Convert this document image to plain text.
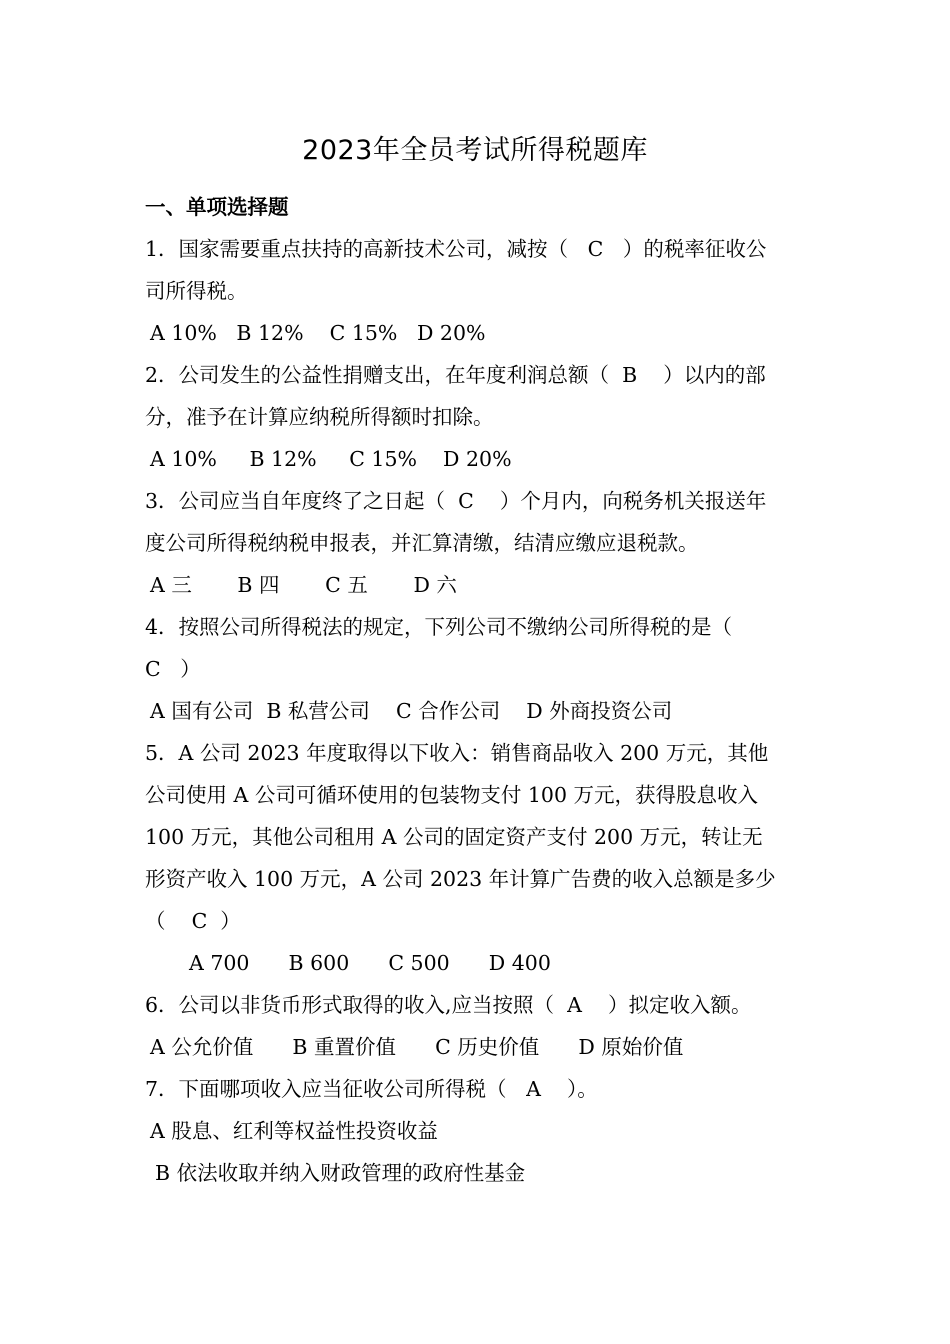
2023年全员考试所得税题库
一、单项选择题
1．国家需要重点扶持的高新技术公司，减按（   C   ）的税率征收公
司所得税。
A 10%   B 12%    C 15%   D 20%
2．公司发生的公益性捐赠支出，在年度利润总额（  B    ）以内的部
分，准予在计算应纳税所得额时扣除。
A 10%     B 12%     C 15%    D 20%
3．公司应当自年度终了之日起（  C    ）个月内，向税务机关报送年
度公司所得税纳税申报表，并汇算清缴，结清应缴应退税款。
A 三       B 四       C 五       D 六
4．按照公司所得税法的规定，下列公司不缴纳公司所得税的是（
C   ）
A 国有公司  B 私营公司    C 合作公司    D 外商投资公司
5．A 公司 2023 年度取得以下收入：销售商品收入 200 万元，其他
公司使用 A 公司可循环使用的包装物支付 100 万元，获得股息收入
100 万元，其他公司租用 A 公司的固定资产支付 200 万元，转让无
形资产收入 100 万元，A 公司 2023 年计算广告费的收入总额是多少
（    C  ）
A 700      B 600      C 500      D 400
6．公司以非货币形式取得的收入,应当按照（  A    ）拟定收入额。
A 公允价值      B 重置价值      C 历史价值      D 原始价值
7．下面哪项收入应当征收公司所得税（   A    ）。
A 股息、红利等权益性投资收益
B 依法收取并纳入财政管理的政府性基金
